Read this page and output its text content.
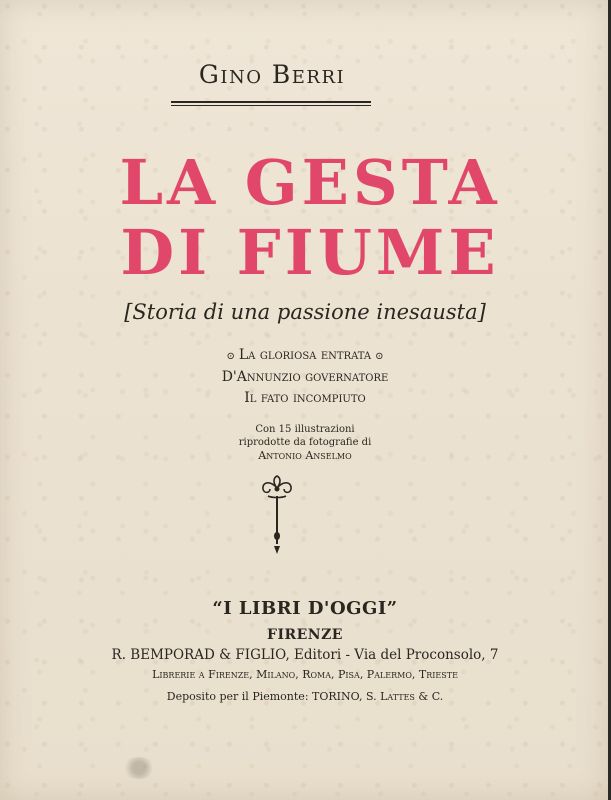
Gino Berri
LA GESTA
DI FIUME
[Storia di una passione inesausta]
⊙ La gloriosa entrata ⊙
D'Annunzio governatore
Il fato incompiuto
Con 15 illustrazioni
riprodotte da fotografie di
Antonio Anselmo
“I LIBRI D'OGGI”
FIRENZE
R. BEMPORAD & FIGLIO, Editori - Via del Proconsolo, 7
Librerie a Firenze, Milano, Roma, Pisa, Palermo, Trieste
Deposito per il Piemonte: TORINO, S. Lattes & C.
